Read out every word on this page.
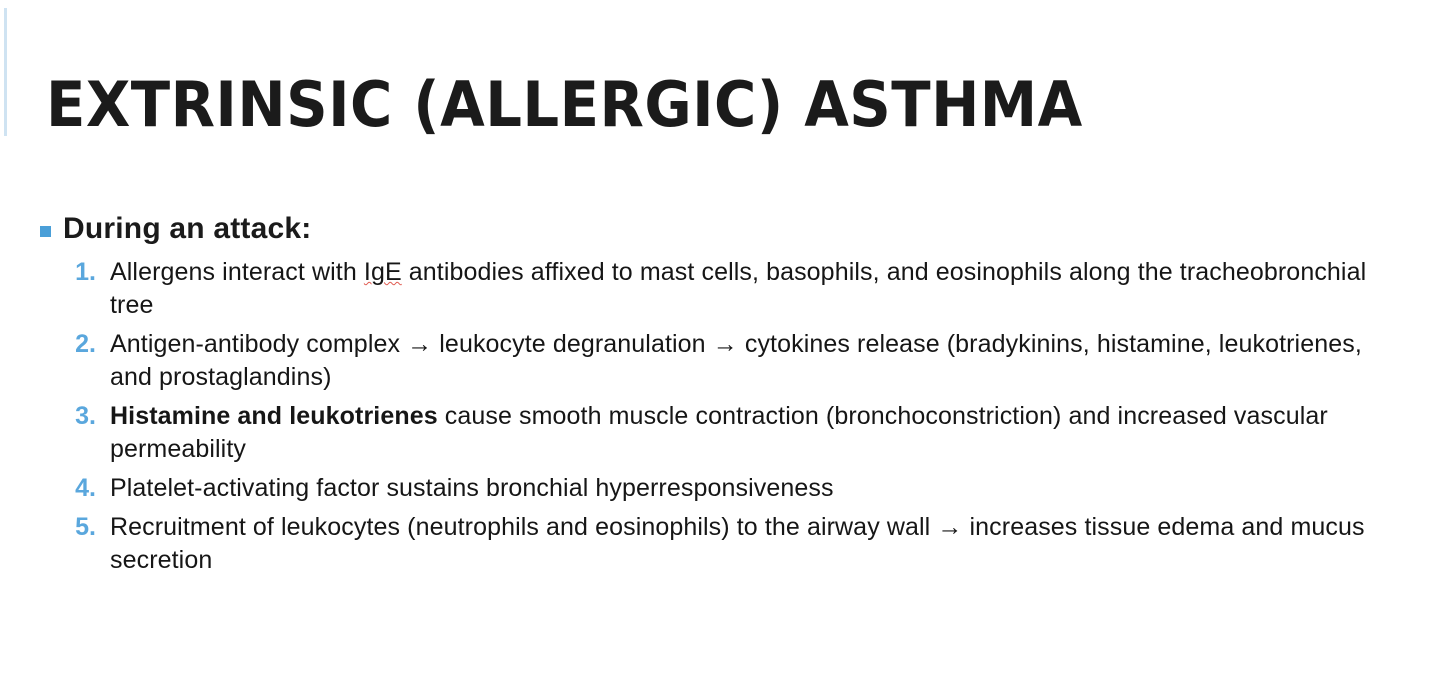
EXTRINSIC (ALLERGIC) ASTHMA
During an attack:
1. Allergens interact with IgE antibodies affixed to mast cells, basophils, and eosinophils along the tracheobronchial tree
2. Antigen-antibody complex → leukocyte degranulation → cytokines release (bradykinins, histamine, leukotrienes, and prostaglandins)
3. Histamine and leukotrienes cause smooth muscle contraction (bronchoconstriction) and increased vascular permeability
4. Platelet-activating factor sustains bronchial hyperresponsiveness
5. Recruitment of leukocytes (neutrophils and eosinophils) to the airway wall → increases tissue edema and mucus secretion
